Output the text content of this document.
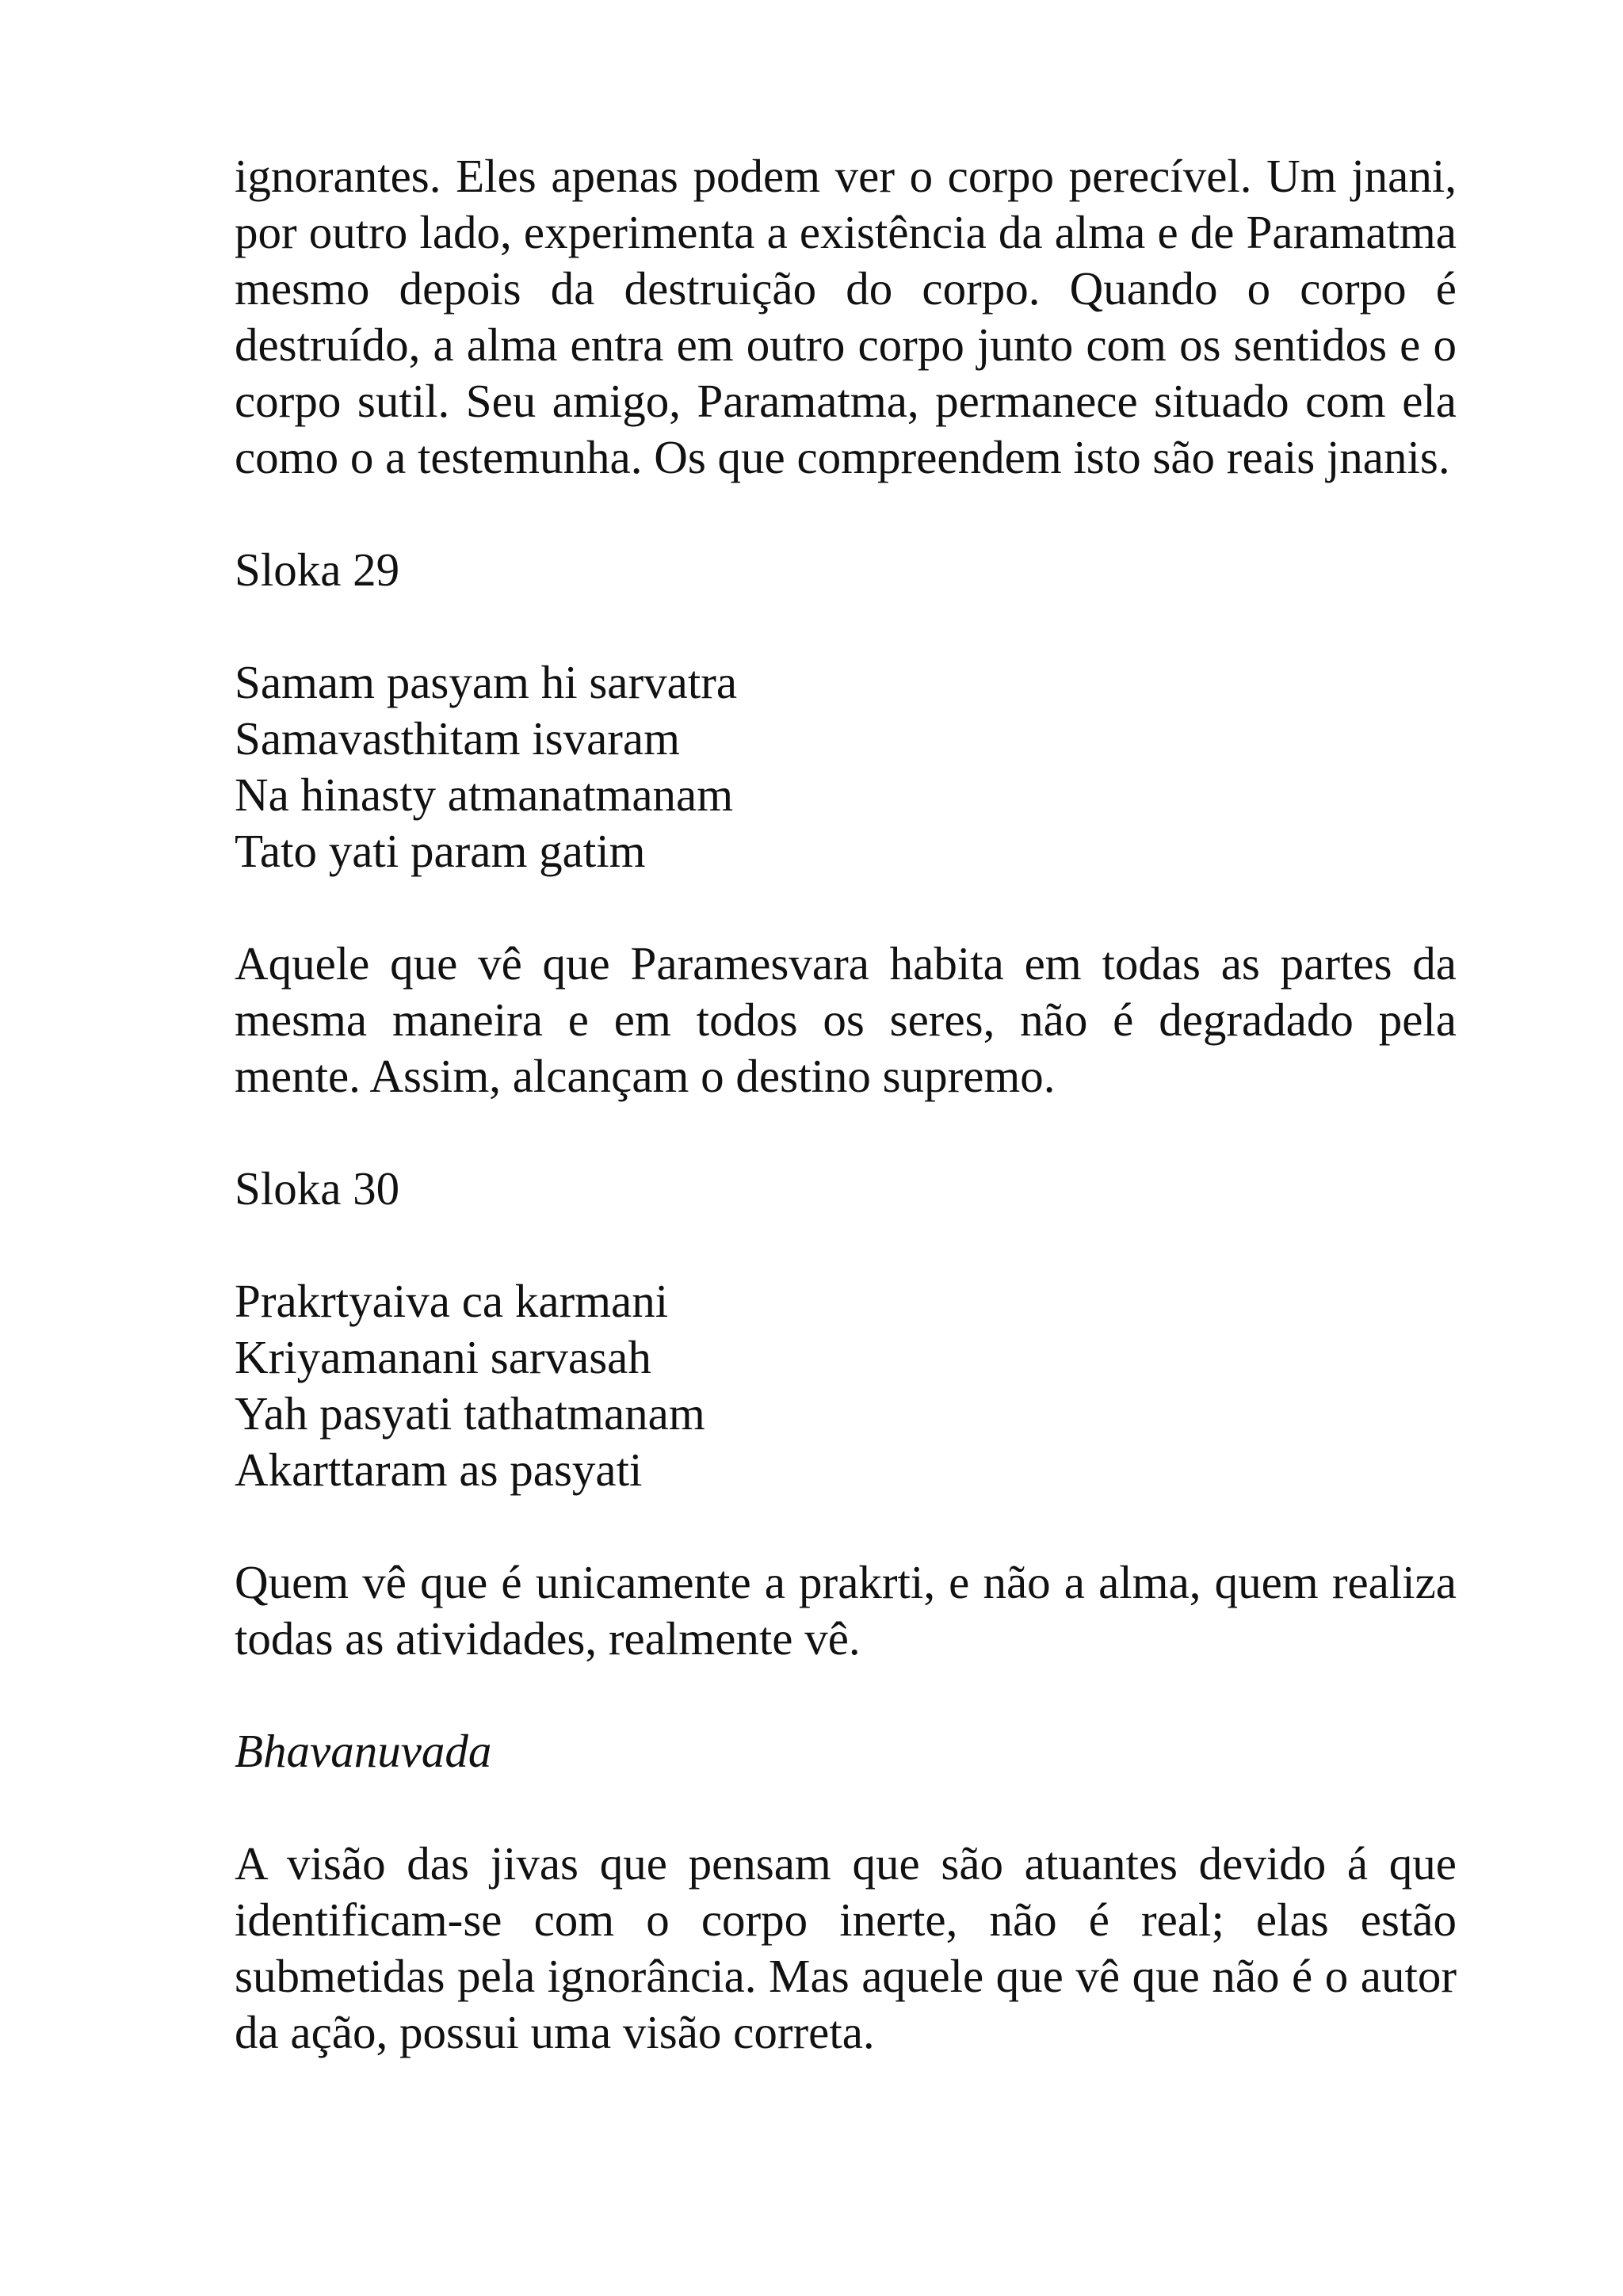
ignorantes. Eles apenas podem ver o corpo perecível. Um jnani, por outro lado, experimenta a existência da alma e de Paramatma mesmo depois da destruição do corpo. Quando o corpo é destruído, a alma entra em outro corpo junto com os sentidos e o corpo sutil. Seu amigo, Paramatma, permanece situado com ela como o a testemunha. Os que compreendem isto são reais jnanis.

Sloka 29

Samam pasyam hi sarvatra
Samavasthitam isvaram
Na hinasty atmanatmanam
Tato yati param gatim

Aquele que vê que Paramesvara habita em todas as partes da mesma maneira e em todos os seres, não é degradado pela mente. Assim, alcançam o destino supremo.

Sloka 30

Prakrtyaiva ca karmani
Kriyamanani sarvasah
Yah pasyati tathatmanam
Akarttaram as pasyati

Quem vê que é unicamente a prakrti, e não a alma, quem realiza todas as atividades, realmente vê.

Bhavanuvada

A visão das jivas que pensam que são atuantes devido á que identificam-se com o corpo inerte, não é real; elas estão submetidas pela ignorância. Mas aquele que vê que não é o autor da ação, possui uma visão correta.
